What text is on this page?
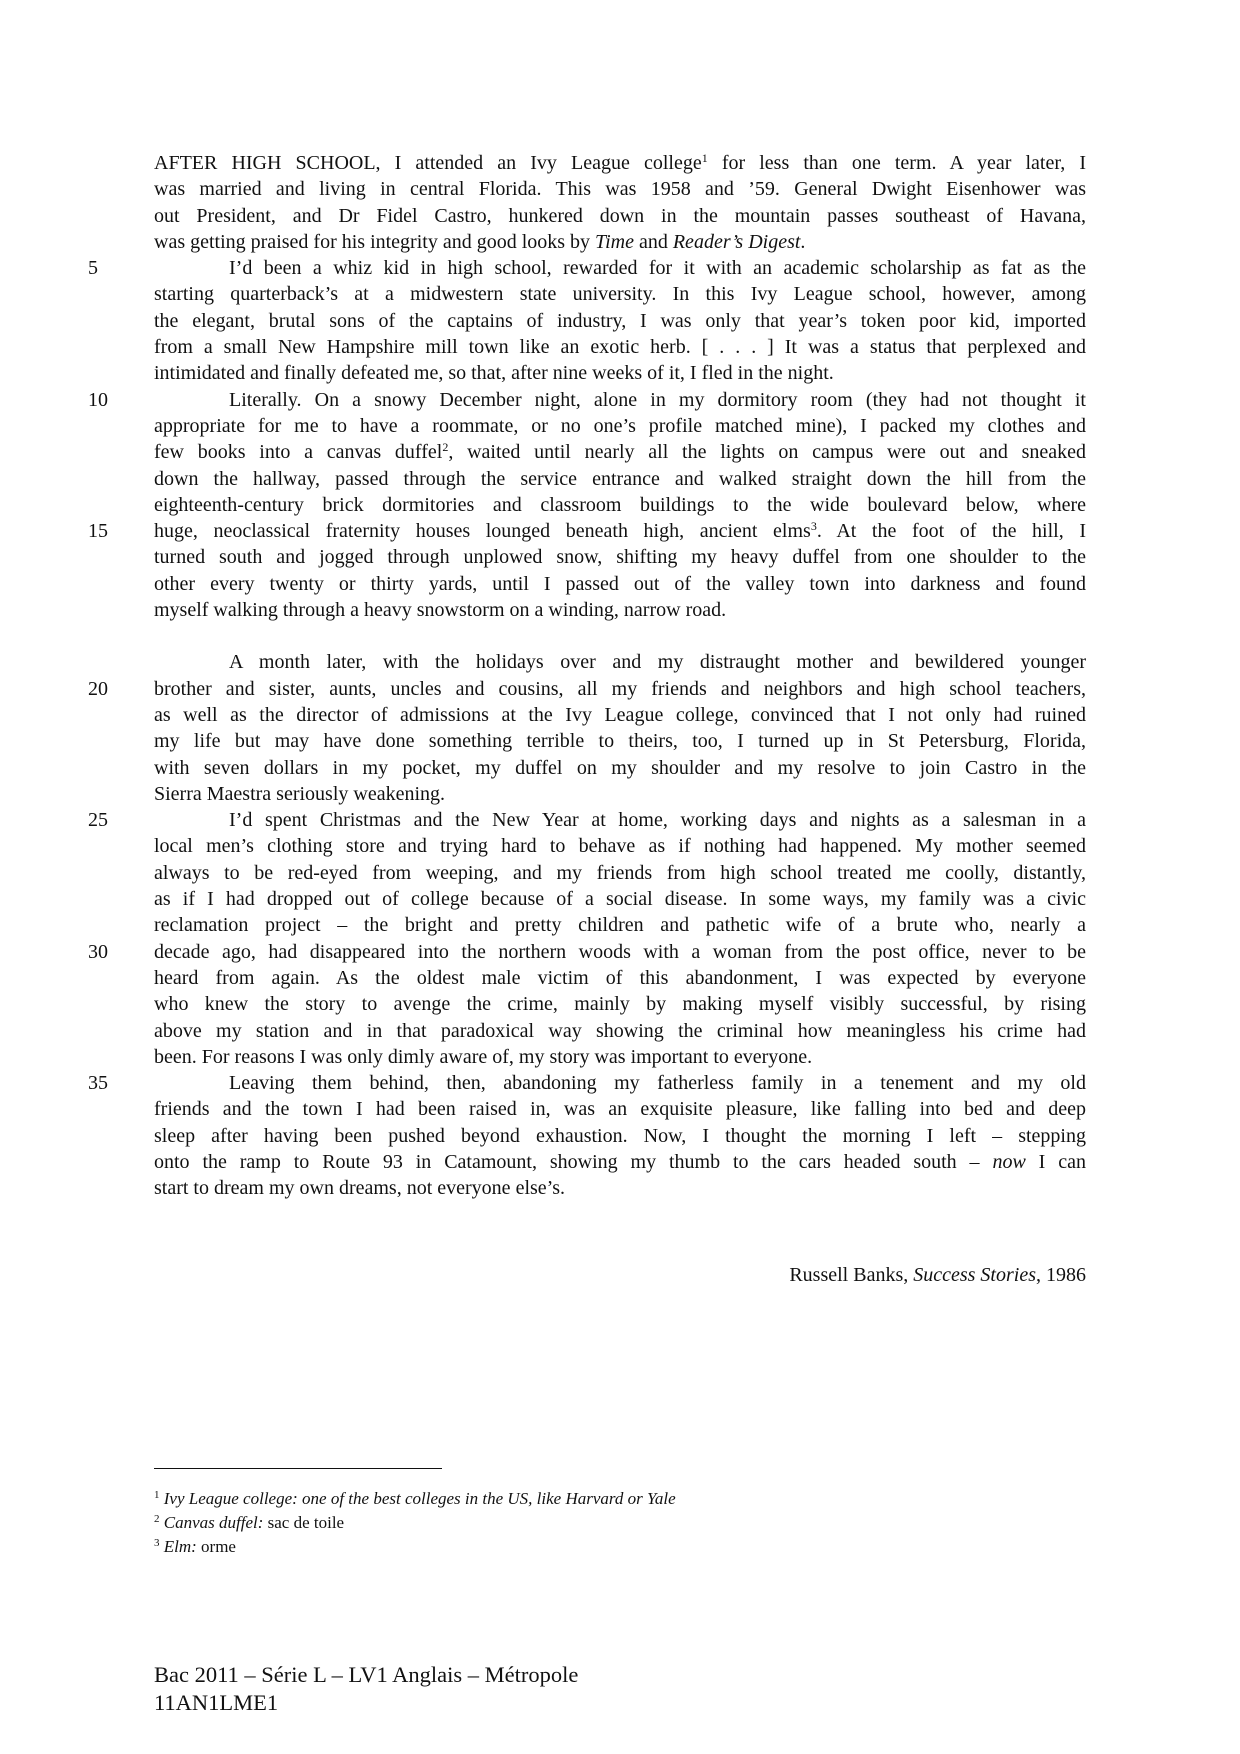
AFTER HIGH SCHOOL, I attended an Ivy League college$^1$ for less than one term. A year later, I
was married and living in central Florida. This was 1958 and ’59. General Dwight Eisenhower was
out President, and Dr Fidel Castro, hunkered down in the mountain passes southeast of Havana,
was getting praised for his integrity and good looks by Time and Reader’s Digest.
5	I’d been a whiz kid in high school, rewarded for it with an academic scholarship as fat as the
starting quarterback’s at a midwestern state university. In this Ivy League school, however, among
the elegant, brutal sons of the captains of industry, I was only that year’s token poor kid, imported
from a small New Hampshire mill town like an exotic herb. [ . . . ] It was a status that perplexed and
intimidated and finally defeated me, so that, after nine weeks of it, I fled in the night.
10	Literally. On a snowy December night, alone in my dormitory room (they had not thought it
appropriate for me to have a roommate, or no one’s profile matched mine), I packed my clothes and
few books into a canvas duffel$^2$, waited until nearly all the lights on campus were out and sneaked
down the hallway, passed through the service entrance and walked straight down the hill from the
eighteenth-century brick dormitories and classroom buildings to the wide boulevard below, where
15	huge, neoclassical fraternity houses lounged beneath high, ancient elms$^3$. At the foot of the hill, I
turned south and jogged through unplowed snow, shifting my heavy duffel from one shoulder to the
other every twenty or thirty yards, until I passed out of the valley town into darkness and found
myself walking through a heavy snowstorm on a winding, narrow road.
A month later, with the holidays over and my distraught mother and bewildered younger
20	brother and sister, aunts, uncles and cousins, all my friends and neighbors and high school teachers,
as well as the director of admissions at the Ivy League college, convinced that I not only had ruined
my life but may have done something terrible to theirs, too, I turned up in St Petersburg, Florida,
with seven dollars in my pocket, my duffel on my shoulder and my resolve to join Castro in the
Sierra Maestra seriously weakening.
25	I’d spent Christmas and the New Year at home, working days and nights as a salesman in a
local men’s clothing store and trying hard to behave as if nothing had happened. My mother seemed
always to be red-eyed from weeping, and my friends from high school treated me coolly, distantly,
as if I had dropped out of college because of a social disease. In some ways, my family was a civic
reclamation project – the bright and pretty children and pathetic wife of a brute who, nearly a
30	decade ago, had disappeared into the northern woods with a woman from the post office, never to be
heard from again. As the oldest male victim of this abandonment, I was expected by everyone
who knew the story to avenge the crime, mainly by making myself visibly successful, by rising
above my station and in that paradoxical way showing the criminal how meaningless his crime had
been. For reasons I was only dimly aware of, my story was important to everyone.
35	Leaving them behind, then, abandoning my fatherless family in a tenement and my old
friends and the town I had been raised in, was an exquisite pleasure, like falling into bed and deep
sleep after having been pushed beyond exhaustion. Now, I thought the morning I left – stepping
onto the ramp to Route 93 in Catamount, showing my thumb to the cars headed south – now I can
start to dream my own dreams, not everyone else’s.
Russell Banks, Success Stories, 1986
$^1$ Ivy League college: one of the best colleges in the US, like Harvard or Yale
$^2$ Canvas duffel: sac de toile
$^3$ Elm: orme
Bac 2011 – Série L – LV1 Anglais – Métropole
11AN1LME1
